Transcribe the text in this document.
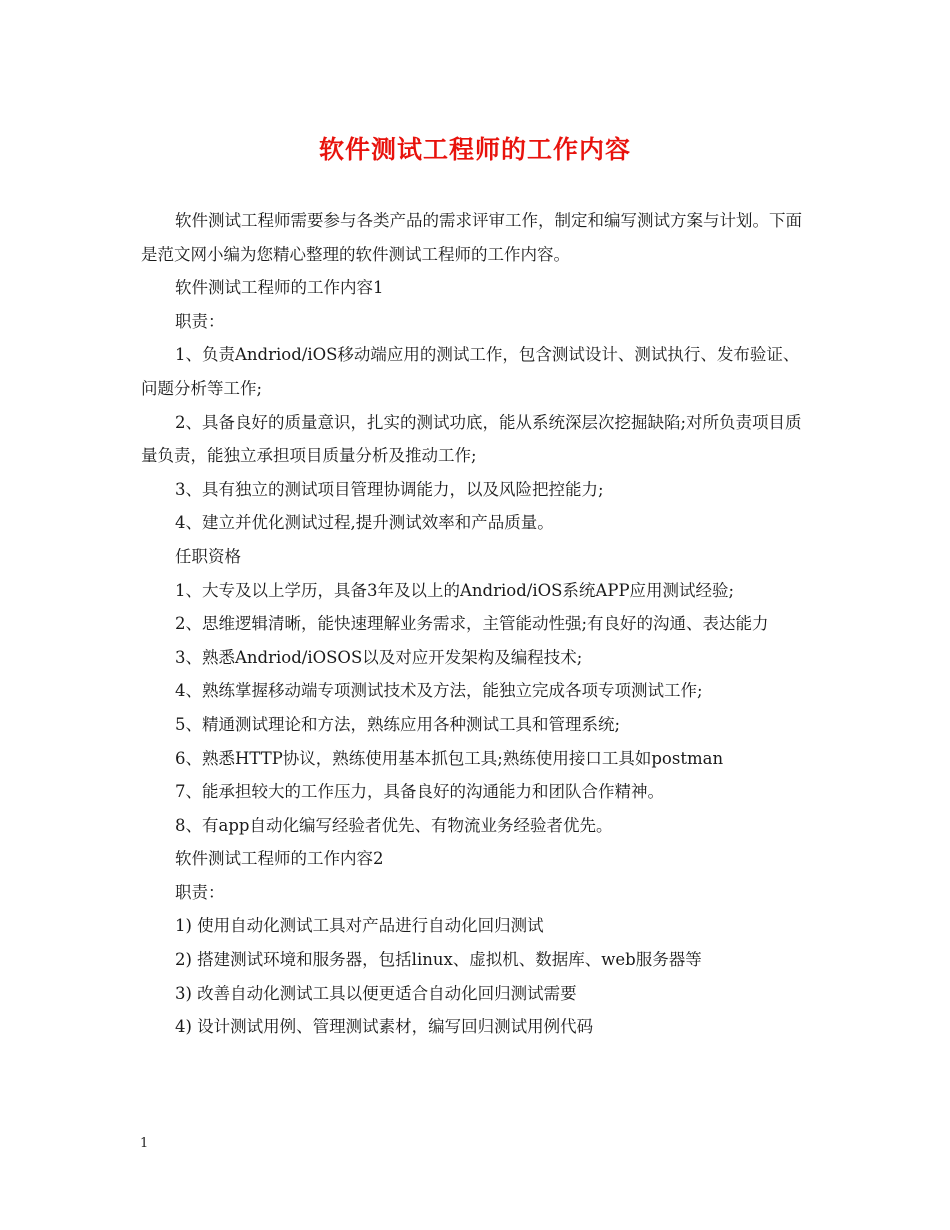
软件测试工程师的工作内容

软件测试工程师需要参与各类产品的需求评审工作，制定和编写测试方案与计划。下面是范文网小编为您精心整理的软件测试工程师的工作内容。

软件测试工程师的工作内容1

职责：

1、负责Andriod/iOS移动端应用的测试工作，包含测试设计、测试执行、发布验证、问题分析等工作;

2、具备良好的质量意识，扎实的测试功底，能从系统深层次挖掘缺陷;对所负责项目质量负责，能独立承担项目质量分析及推动工作;

3、具有独立的测试项目管理协调能力，以及风险把控能力;

4、建立并优化测试过程,提升测试效率和产品质量。

任职资格

1、大专及以上学历，具备3年及以上的Andriod/iOS系统APP应用测试经验;

2、思维逻辑清晰，能快速理解业务需求，主管能动性强;有良好的沟通、表达能力

3、熟悉Andriod/iOSOS以及对应开发架构及编程技术;

4、熟练掌握移动端专项测试技术及方法，能独立完成各项专项测试工作;

5、精通测试理论和方法，熟练应用各种测试工具和管理系统;

6、熟悉HTTP协议，熟练使用基本抓包工具;熟练使用接口工具如postman

7、能承担较大的工作压力，具备良好的沟通能力和团队合作精神。

8、有app自动化编写经验者优先、有物流业务经验者优先。

软件测试工程师的工作内容2

职责：

1) 使用自动化测试工具对产品进行自动化回归测试

2) 搭建测试环境和服务器，包括linux、虚拟机、数据库、web服务器等

3) 改善自动化测试工具以便更适合自动化回归测试需要

4) 设计测试用例、管理测试素材，编写回归测试用例代码

1
